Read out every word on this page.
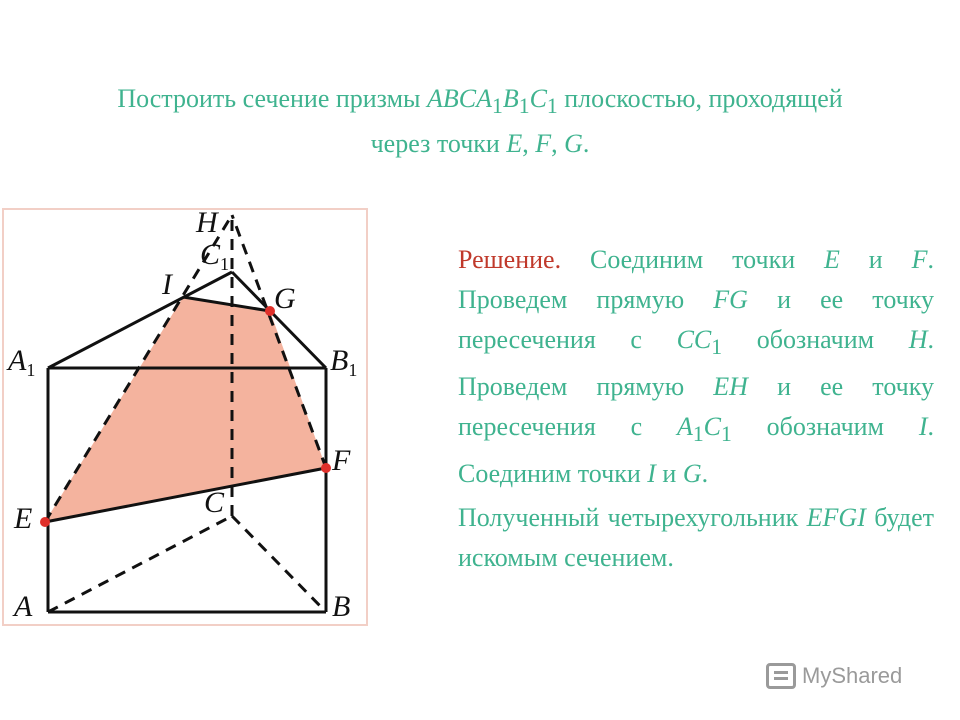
Построить сечение призмы $ABCA_1B_1C_1$ плоскостью, проходящей
через точки E, F, G.
H
$C_1$
I	G
$A_1$	$B_1$
F
E	C
A	B
Решение. Соединим точки E и F. Проведем прямую FG и ее точку пересечения с $CC_1$ обозначим H. Проведем прямую EH и ее точку пересечения с $A_1C_1$ обозначим I. Соединим точки I и G.
Полученный четырехугольник EFGI будет искомым сечением.
MyShared
